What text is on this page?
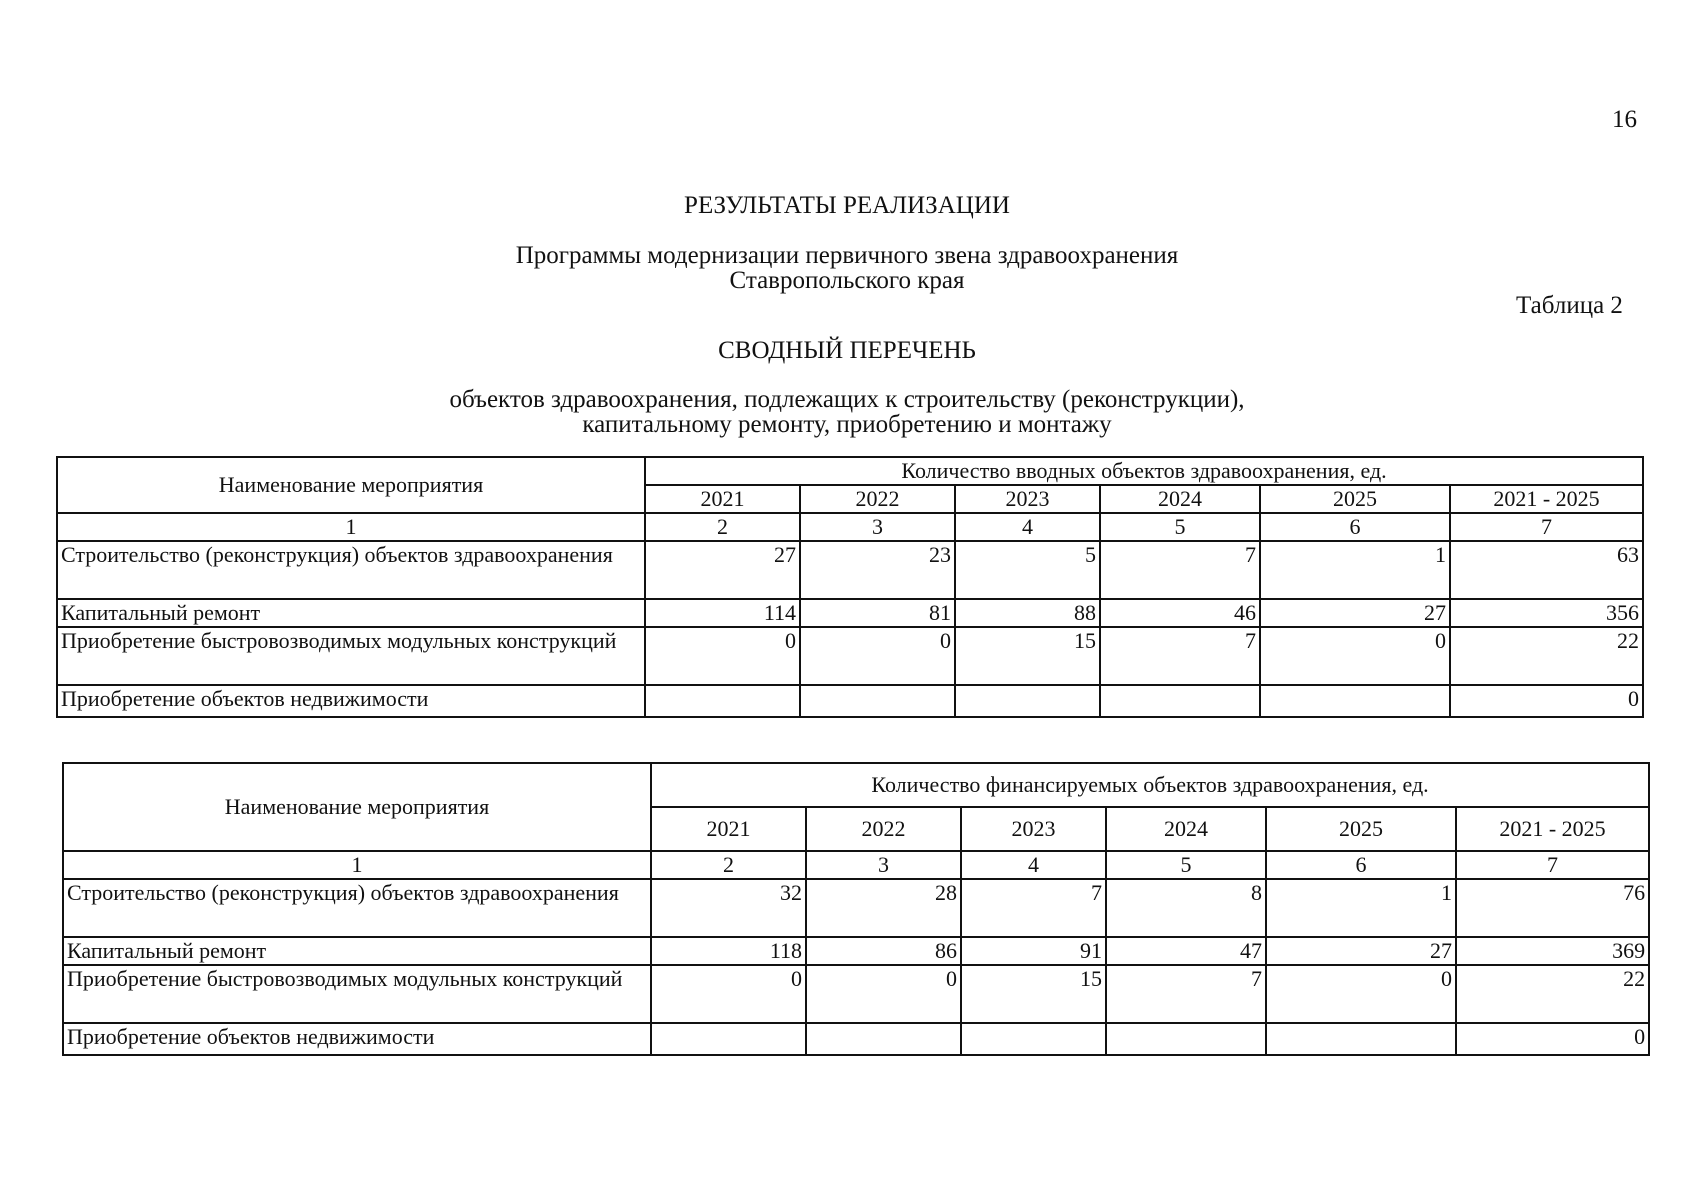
16
РЕЗУЛЬТАТЫ РЕАЛИЗАЦИИ
Программы модернизации первичного звена здравоохранения
Ставропольского края
Таблица 2
СВОДНЫЙ ПЕРЕЧЕНЬ
объектов здравоохранения, подлежащих к строительству (реконструкции),
капитальному ремонту, приобретению и монтажу
Наименование мероприятия	Количество вводных объектов здравоохранения, ед.					
	2021	2022	2023	2024	2025	2021 - 2025
1	2	3	4	5	6	7
Строительство (реконструкция) объектов здравоохранения	27	23	5	7	1	63
Капитальный ремонт	114	81	88	46	27	356
Приобретение быстровозводимых модульных конструкций	0	0	15	7	0	22
Приобретение объектов недвижимости						0
Наименование мероприятия	Количество финансируемых объектов здравоохранения, ед.					
	2021	2022	2023	2024	2025	2021 - 2025
1	2	3	4	5	6	7
Строительство (реконструкция) объектов здравоохранения	32	28	7	8	1	76
Капитальный ремонт	118	86	91	47	27	369
Приобретение быстровозводимых модульных конструкций	0	0	15	7	0	22
Приобретение объектов недвижимости						0
